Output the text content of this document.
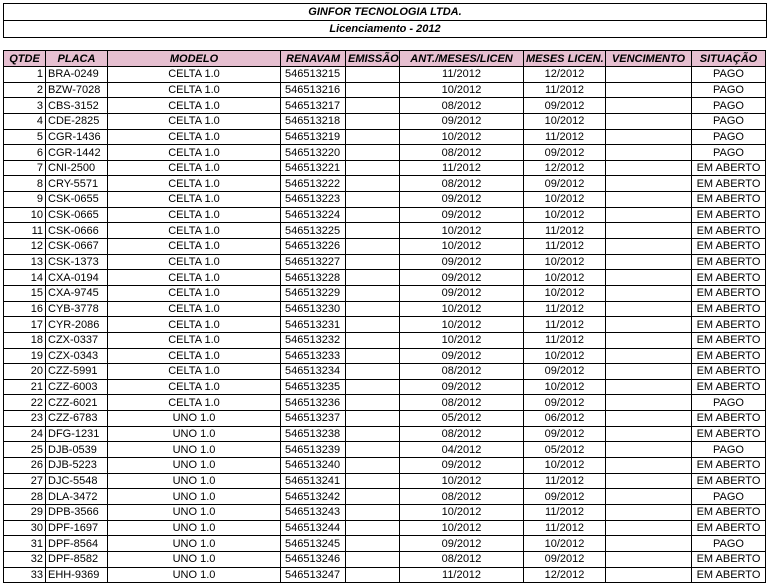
GINFOR TECNOLOGIA LTDA.
Licenciamento - 2012
QTDE	PLACA	MODELO	RENAVAM	EMISSÃO	ANT./MESES/LICEN	MESES LICEN.	VENCIMENTO	SITUAÇÃO
1	BRA-0249	CELTA 1.0	546513215		11/2012	12/2012		PAGO
2	BZW-7028	CELTA 1.0	546513216		10/2012	11/2012		PAGO
3	CBS-3152	CELTA 1.0	546513217		08/2012	09/2012		PAGO
4	CDE-2825	CELTA 1.0	546513218		09/2012	10/2012		PAGO
5	CGR-1436	CELTA 1.0	546513219		10/2012	11/2012		PAGO
6	CGR-1442	CELTA 1.0	546513220		08/2012	09/2012		PAGO
7	CNI-2500	CELTA 1.0	546513221		11/2012	12/2012		EM ABERTO
8	CRY-5571	CELTA 1.0	546513222		08/2012	09/2012		EM ABERTO
9	CSK-0655	CELTA 1.0	546513223		09/2012	10/2012		EM ABERTO
10	CSK-0665	CELTA 1.0	546513224		09/2012	10/2012		EM ABERTO
11	CSK-0666	CELTA 1.0	546513225		10/2012	11/2012		EM ABERTO
12	CSK-0667	CELTA 1.0	546513226		10/2012	11/2012		EM ABERTO
13	CSK-1373	CELTA 1.0	546513227		09/2012	10/2012		EM ABERTO
14	CXA-0194	CELTA 1.0	546513228		09/2012	10/2012		EM ABERTO
15	CXA-9745	CELTA 1.0	546513229		09/2012	10/2012		EM ABERTO
16	CYB-3778	CELTA 1.0	546513230		10/2012	11/2012		EM ABERTO
17	CYR-2086	CELTA 1.0	546513231		10/2012	11/2012		EM ABERTO
18	CZX-0337	CELTA 1.0	546513232		10/2012	11/2012		EM ABERTO
19	CZX-0343	CELTA 1.0	546513233		09/2012	10/2012		EM ABERTO
20	CZZ-5991	CELTA 1.0	546513234		08/2012	09/2012		EM ABERTO
21	CZZ-6003	CELTA 1.0	546513235		09/2012	10/2012		EM ABERTO
22	CZZ-6021	CELTA 1.0	546513236		08/2012	09/2012		PAGO
23	CZZ-6783	UNO 1.0	546513237		05/2012	06/2012		EM ABERTO
24	DFG-1231	UNO 1.0	546513238		08/2012	09/2012		EM ABERTO
25	DJB-0539	UNO 1.0	546513239		04/2012	05/2012		PAGO
26	DJB-5223	UNO 1.0	546513240		09/2012	10/2012		EM ABERTO
27	DJC-5548	UNO 1.0	546513241		10/2012	11/2012		EM ABERTO
28	DLA-3472	UNO 1.0	546513242		08/2012	09/2012		PAGO
29	DPB-3566	UNO 1.0	546513243		10/2012	11/2012		EM ABERTO
30	DPF-1697	UNO 1.0	546513244		10/2012	11/2012		EM ABERTO
31	DPF-8564	UNO 1.0	546513245		09/2012	10/2012		PAGO
32	DPF-8582	UNO 1.0	546513246		08/2012	09/2012		EM ABERTO
33	EHH-9369	UNO 1.0	546513247		11/2012	12/2012		EM ABERTO
